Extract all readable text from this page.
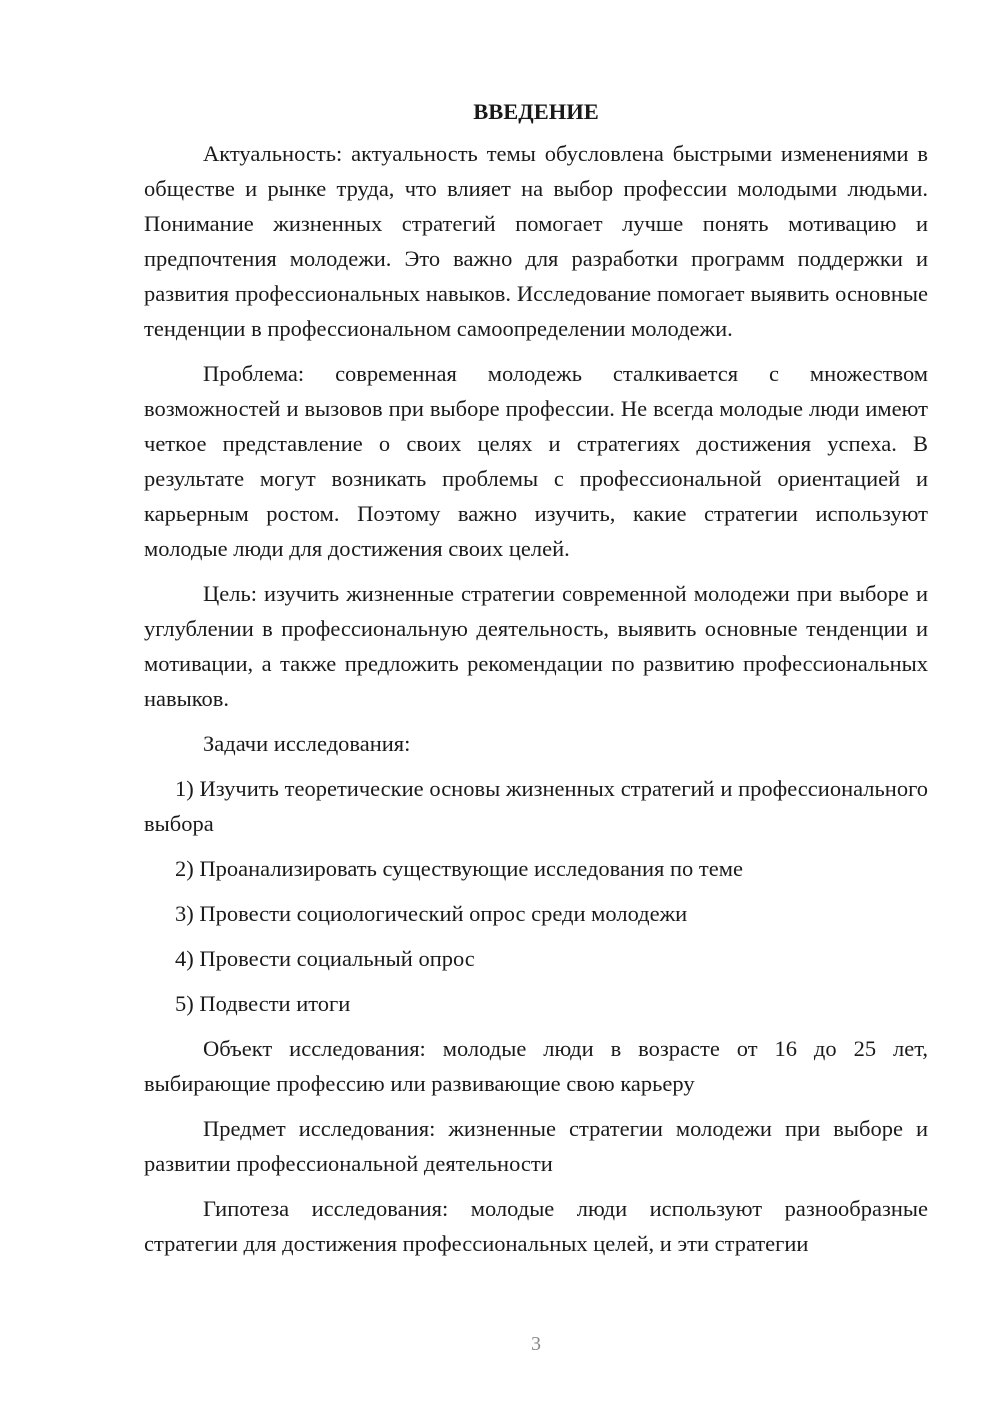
ВВЕДЕНИЕ

Актуальность: актуальность темы обусловлена быстрыми изменениями в обществе и рынке труда, что влияет на выбор профессии молодыми людьми. Понимание жизненных стратегий помогает лучше понять мотивацию и предпочтения молодежи. Это важно для разработки программ поддержки и развития профессиональных навыков. Исследование помогает выявить основные тенденции в профессиональном самоопределении молодежи.

Проблема: современная молодежь сталкивается с множеством возможностей и вызовов при выборе профессии. Не всегда молодые люди имеют четкое представление о своих целях и стратегиях достижения успеха. В результате могут возникать проблемы с профессиональной ориентацией и карьерным ростом. Поэтому важно изучить, какие стратегии используют молодые люди для достижения своих целей.

Цель: изучить жизненные стратегии современной молодежи при выборе и углублении в профессиональную деятельность, выявить основные тенденции и мотивации, а также предложить рекомендации по развитию профессиональных навыков.

Задачи исследования:

1) Изучить теоретические основы жизненных стратегий и профессионального выбора

2) Проанализировать существующие исследования по теме

3) Провести социологический опрос среди молодежи

4) Провести социальный опрос

5) Подвести итоги

Объект исследования: молодые люди в возрасте от 16 до 25 лет, выбирающие профессию или развивающие свою карьеру

Предмет исследования: жизненные стратегии молодежи при выборе и развитии профессиональной деятельности

Гипотеза исследования: молодые люди используют разнообразные стратегии для достижения профессиональных целей, и эти стратегии

3
